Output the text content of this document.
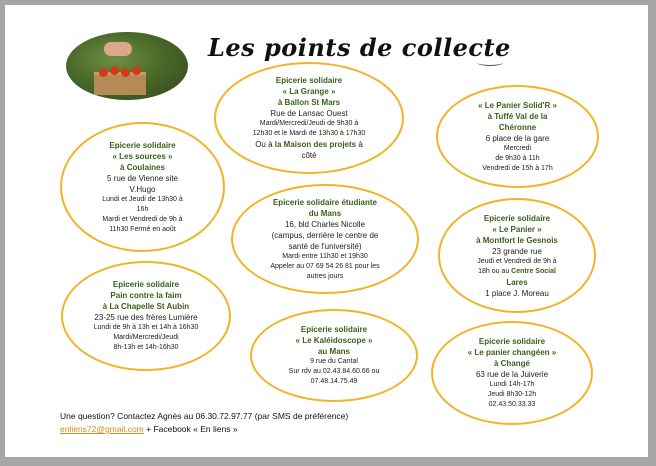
Les points de collecte
Epicerie solidaire
« La Grange »
à Ballon St Mars
Rue de Lansac Ouest
Mardi/Mercredi/Jeudi de 9h30 à
12h30 et le Mardi de 13h30 à 17h30
Ou à la Maison des projets à
côté
« Le Panier Solid'R »
à Tuffé Val de la
Chéronne
6 place de la gare
Mercredi
de 9h30 à 11h
Vendredi de 15h à 17h
Epicerie solidaire
« Les sources »
à Coulaines
5 rue de Vienne site
V.Hugo
Lundi et Jeudi de 13h30 à
16h
Mardi et Vendredi de 9h à
11h30 Fermé en août
Epicerie solidaire étudiante
du Mans
16, bld Charles Nicolle
(campus, derrière le centre de
santé de l'université)
Mardi entre 11h30 et 19h30
Appeler au 07 69 54 26 81 pour les
autres jours
Epicerie solidaire
« Le Panier »
à Montfort le Gesnois
23 grande rue
Jeudi et Vendredi de 9h à
18h ou au Centre Social
Lares
1 place J. Moreau
Epicerie solidaire
Pain contre la faim
à La Chapelle St Aubin
23-25 rue des frères Lumière
Lundi de 9h à 13h et 14h à 16h30
Mardi/Mercredi/Jeudi
8h-13h et 14h-16h30
Epicerie solidaire
« Le Kaléidoscope »
au Mans
9 rue du Cantal
Sur rdv au 02.43.84.60.66 ou
07.48.14.75.49
Epicerie solidaire
« Le panier changéen »
à Changé
63 rue de la Juiverie
Lundi 14h-17h
Jeudi 8h30-12h
02.43.50.33.33
Une question? Contactez Agnès au 06.30.72.97.77 (par SMS de préférence)
enliens72@gmail.com + Facebook « En liens »
